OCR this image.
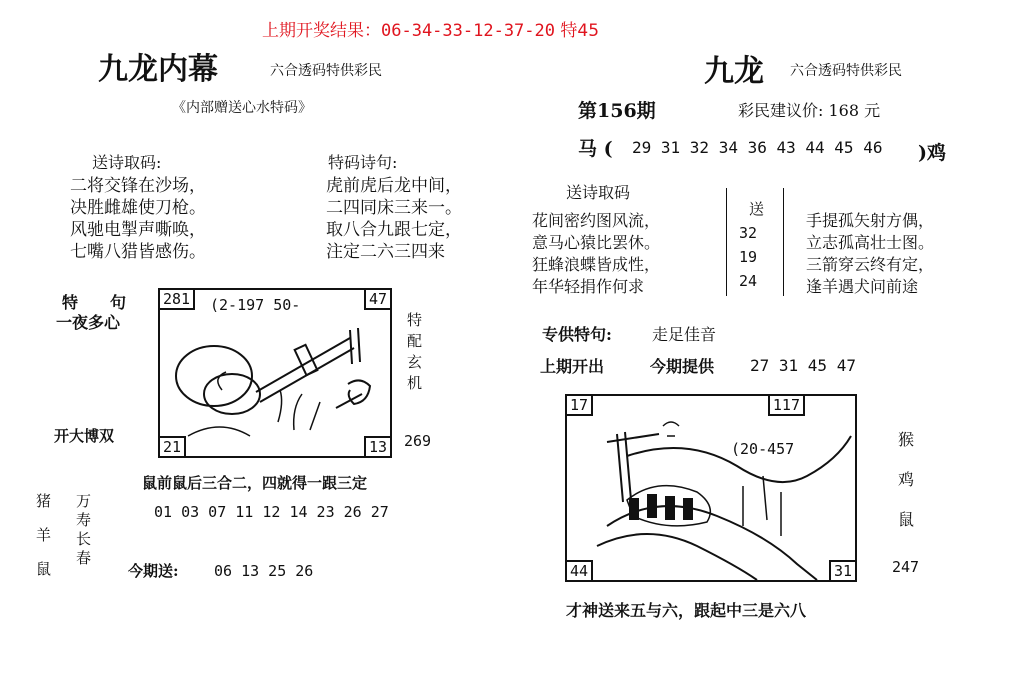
上期开奖结果：06-34-33-12-37-20 特45
九龙内幕	六合透码特供彩民
《内部赠送心水特码》
送诗取码:
二将交锋在沙场，
决胜雌雄使刀枪。
风驰电掣声嘶唤，
七嘴八猎皆感伤。
特码诗句:
虎前虎后龙中间，
二四同床三来一。
取八合九跟七定，
注定二六三四来
特　　句
一夜多心
(2-197 50-
281	47
21	13
特
配
玄
机
269
开大博双
鼠前鼠后三合二，四就得一跟三定
01 03 07 11 12 14 23 26 27
猪
羊
鼠
万
寿
长
春
今期送: 06 13 25 26
九龙 六合透码特供彩民
第156期	彩民建议价: 168 元
马 ( 29 31 32 34 36 43 44 45 46 )鸡
送诗取码
花间密约图风流，
意马心猿比罢休。
狂蜂浪蝶皆成性，
年华轻捐作何求
送
32
19
24
手提孤矢射方偶，
立志孤高壮士图。
三箭穿云终有定，
逢羊遇犬问前途
专供特句:	走足佳音
上期开出	今期提供 27 31 45 47
(20-457
17	117
44	31
猴
鸡
鼠
247
才神送来五与六，跟起中三是六八
